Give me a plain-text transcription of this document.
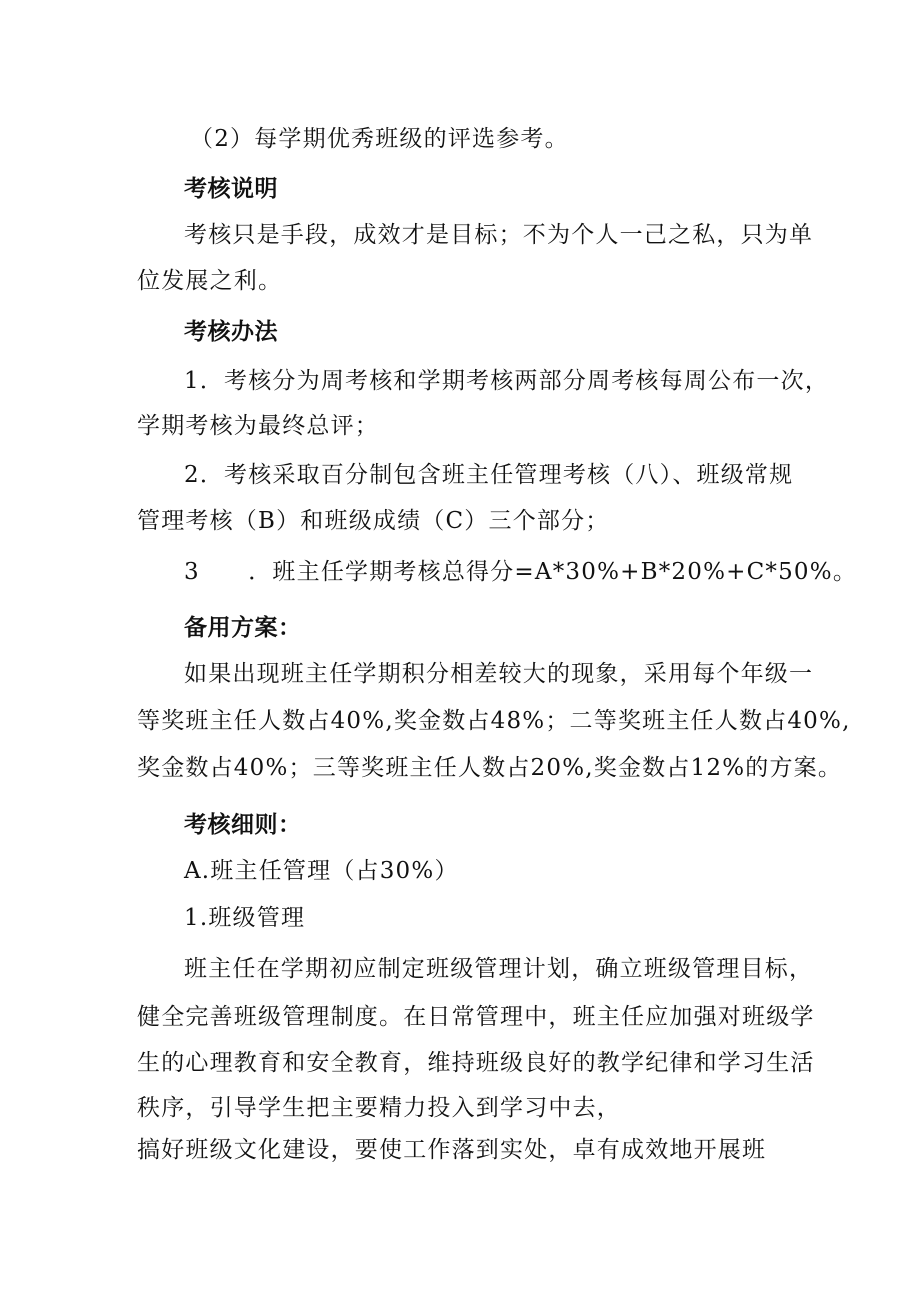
（2）每学期优秀班级的评选参考。
考核说明
考核只是手段，成效才是目标；不为个人一己之私，只为单
位发展之利。
考核办法
1．考核分为周考核和学期考核两部分周考核每周公布一次，
学期考核为最终总评；
2．考核采取百分制包含班主任管理考核（八）、班级常规
管理考核（B）和班级成绩（C）三个部分；
3　　．班主任学期考核总得分=A*30%+B*20%+C*50%。
备用方案：
如果出现班主任学期积分相差较大的现象，采用每个年级一
等奖班主任人数占40%,奖金数占48%；二等奖班主任人数占40%,
奖金数占40%；三等奖班主任人数占20%,奖金数占12%的方案。
考核细则：
A.班主任管理（占30%）
1.班级管理
班主任在学期初应制定班级管理计划，确立班级管理目标，
健全完善班级管理制度。在日常管理中，班主任应加强对班级学
生的心理教育和安全教育，维持班级良好的教学纪律和学习生活
秩序，引导学生把主要精力投入到学习中去，
搞好班级文化建设，要使工作落到实处，卓有成效地开展班
